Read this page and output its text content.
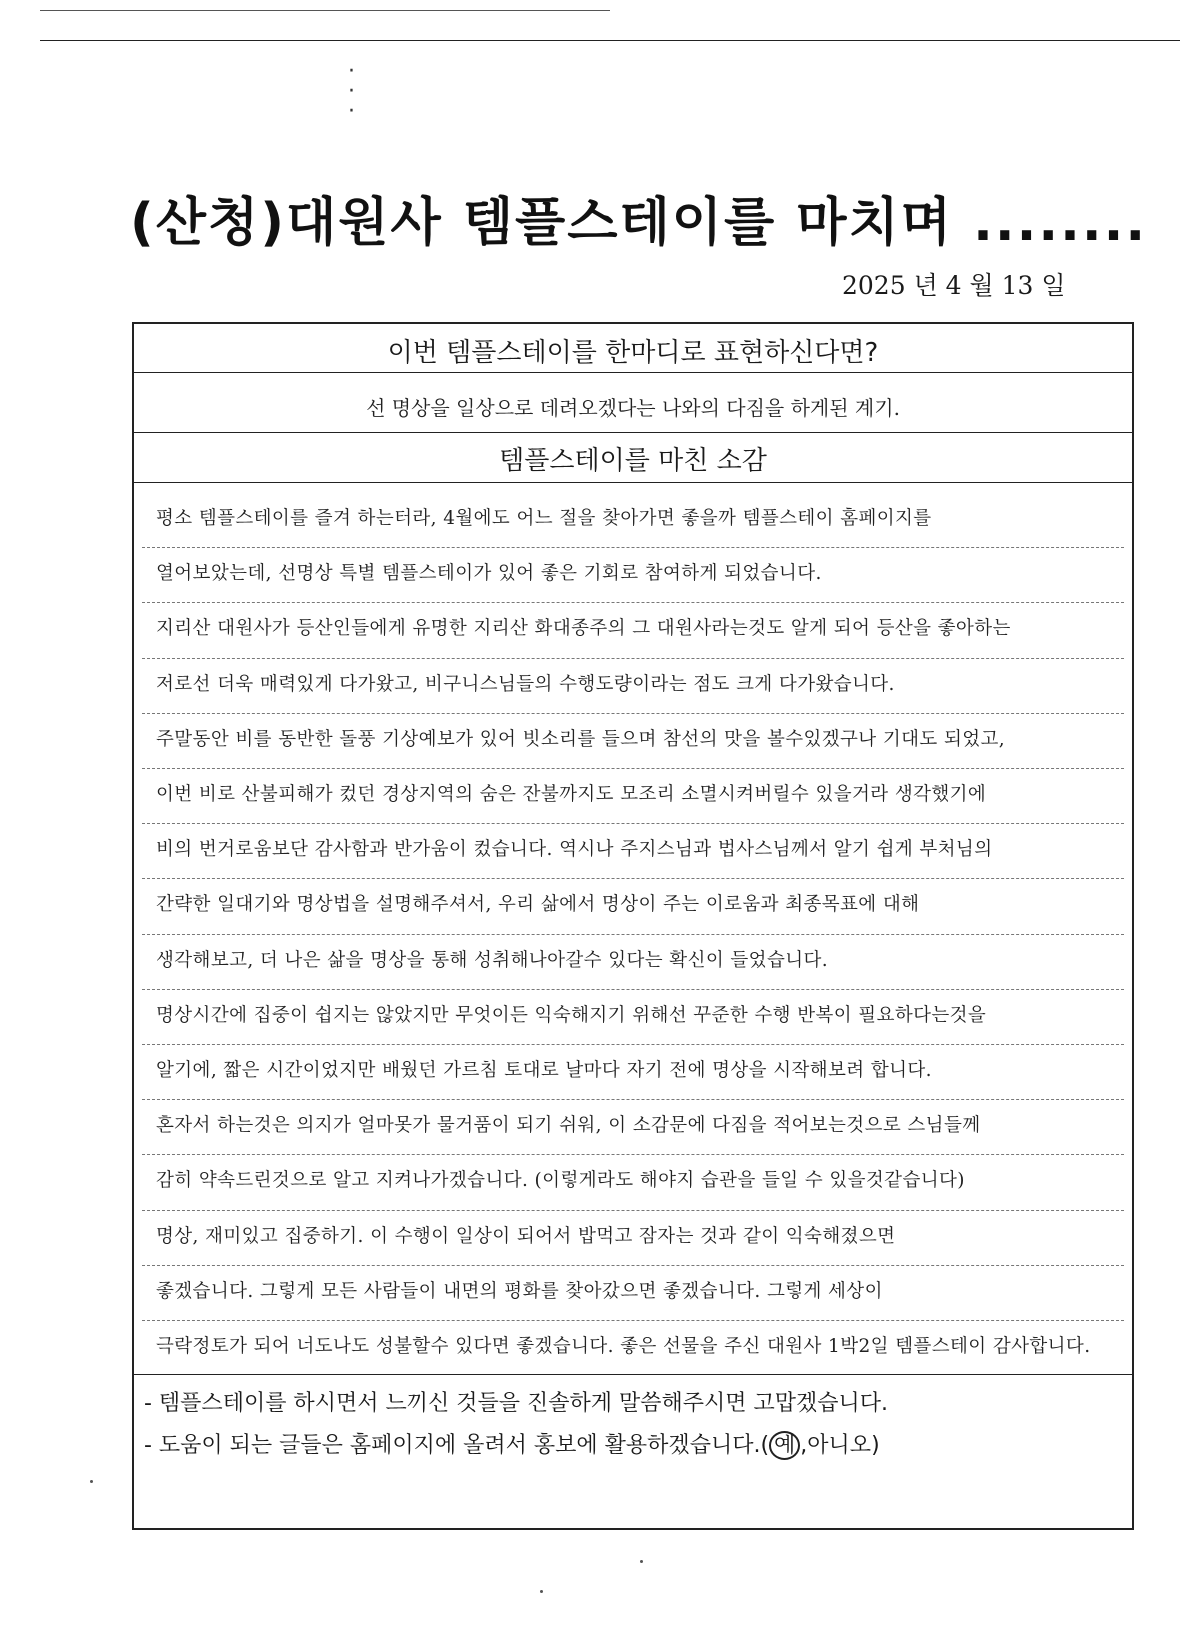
·
·
·
(산청)대원사 템플스테이를 마치며 ........
2025 년 4 월 13 일
이번 템플스테이를 한마디로 표현하신다면?
선 명상을 일상으로 데려오겠다는 나와의 다짐을 하게된 계기.
템플스테이를 마친 소감
평소 템플스테이를 즐겨 하는터라, 4월에도 어느 절을 찾아가면 좋을까 템플스테이 홈페이지를
열어보았는데, 선명상 특별 템플스테이가 있어 좋은 기회로 참여하게 되었습니다.
지리산 대원사가 등산인들에게 유명한 지리산 화대종주의 그 대원사라는것도 알게 되어 등산을 좋아하는
저로선 더욱 매력있게 다가왔고, 비구니스님들의 수행도량이라는 점도 크게 다가왔습니다.
주말동안 비를 동반한 돌풍 기상예보가 있어 빗소리를 들으며 참선의 맛을 볼수있겠구나 기대도 되었고,
이번 비로 산불피해가 컸던 경상지역의 숨은 잔불까지도 모조리 소멸시켜버릴수 있을거라 생각했기에
비의 번거로움보단 감사함과 반가움이 컸습니다. 역시나 주지스님과 법사스님께서 알기 쉽게 부처님의
간략한 일대기와 명상법을 설명해주셔서, 우리 삶에서 명상이 주는 이로움과 최종목표에 대해
생각해보고, 더 나은 삶을 명상을 통해 성취해나아갈수 있다는 확신이 들었습니다.
명상시간에 집중이 쉽지는 않았지만 무엇이든 익숙해지기 위해선 꾸준한 수행 반복이 필요하다는것을
알기에, 짧은 시간이었지만 배웠던 가르침 토대로 날마다 자기 전에 명상을 시작해보려 합니다.
혼자서 하는것은 의지가 얼마못가 물거품이 되기 쉬워, 이 소감문에 다짐을 적어보는것으로 스님들께
감히 약속드린것으로 알고 지켜나가겠습니다. (이렇게라도 해야지 습관을 들일 수 있을것같습니다)
명상, 재미있고 집중하기. 이 수행이 일상이 되어서 밥먹고 잠자는 것과 같이 익숙해졌으면
좋겠습니다. 그렇게 모든 사람들이 내면의 평화를 찾아갔으면 좋겠습니다. 그렇게 세상이
극락정토가 되어 너도나도 성불할수 있다면 좋겠습니다. 좋은 선물을 주신 대원사 1박2일 템플스테이 감사합니다.
- 템플스테이를 하시면서 느끼신 것들을 진솔하게 말씀해주시면 고맙겠습니다.
- 도움이 되는 글들은 홈페이지에 올려서 홍보에 활용하겠습니다.( 예 ,아니오)
